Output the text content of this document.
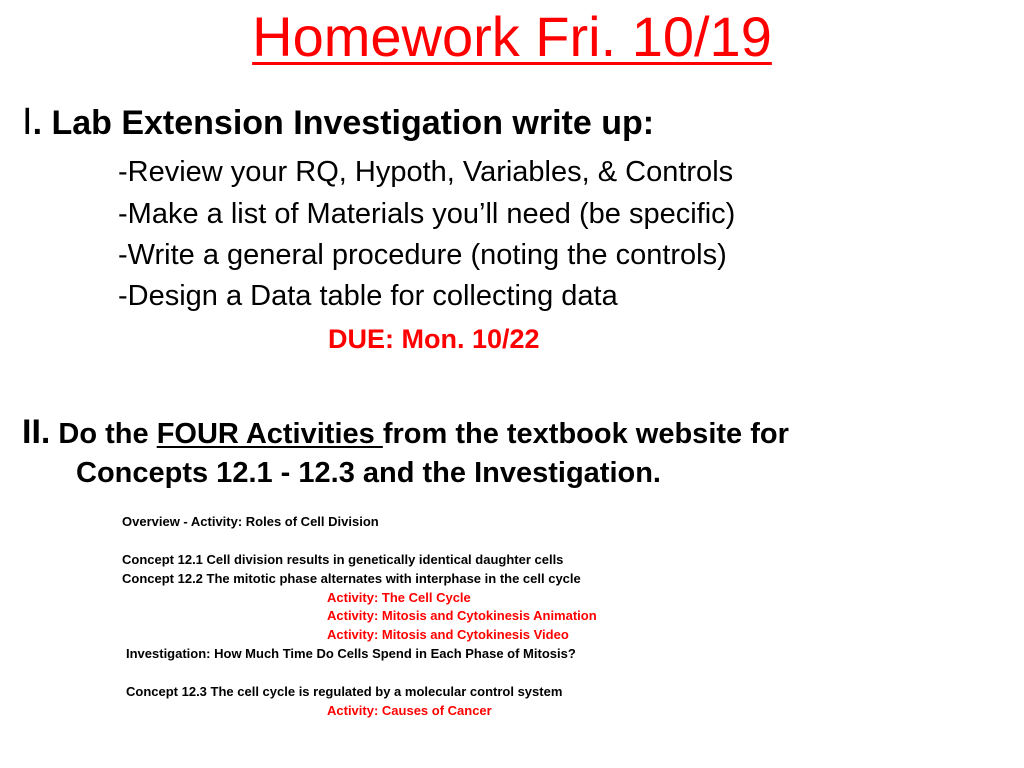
Homework Fri. 10/19
I. Lab Extension Investigation write up:
-Review your RQ, Hypoth, Variables, & Controls
-Make a list of Materials you’ll need (be specific)
-Write a general procedure (noting the controls)
-Design a Data table for collecting data
DUE: Mon. 10/22
II. Do the FOUR Activities from the textbook website for
Concepts 12.1 - 12.3 and the Investigation.
Overview - Activity: Roles of Cell Division
Concept 12.1 Cell division results in genetically identical daughter cells
Concept 12.2 The mitotic phase alternates with interphase in the cell cycle
Activity: The Cell Cycle
Activity: Mitosis and Cytokinesis Animation
Activity: Mitosis and Cytokinesis Video
Investigation: How Much Time Do Cells Spend in Each Phase of Mitosis?
Concept 12.3 The cell cycle is regulated by a molecular control system
Activity: Causes of Cancer
